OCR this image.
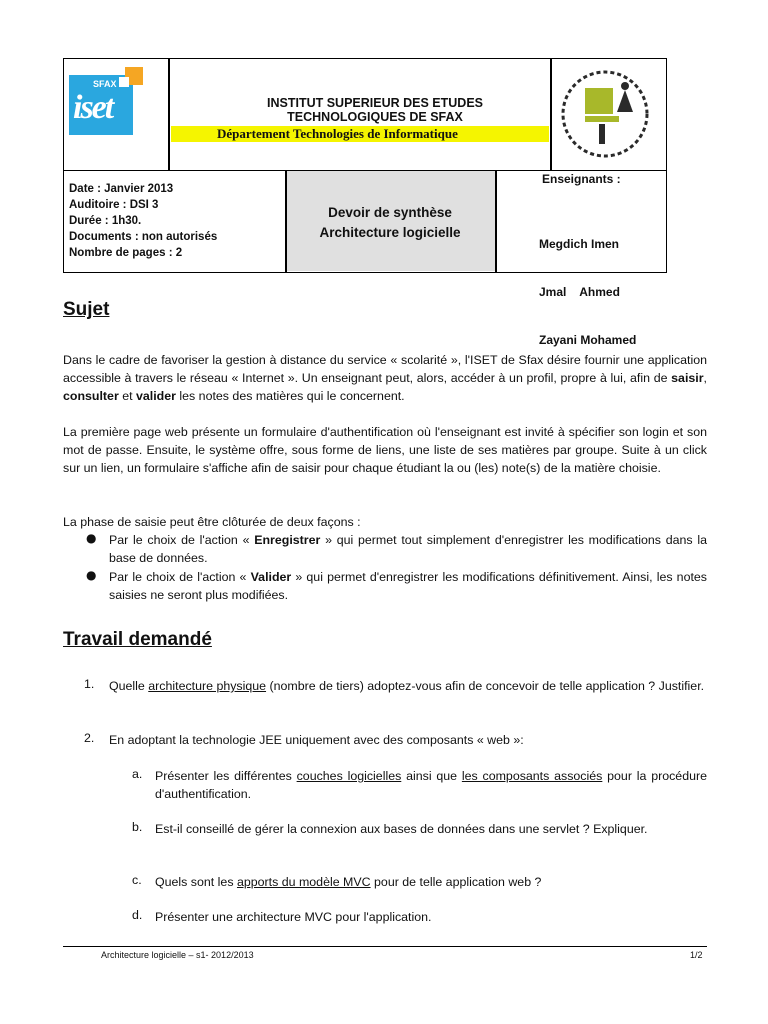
SFAX
iset	INSTITUT SUPERIEUR DES ETUDES
TECHNOLOGIQUES DE SFAX
Département Technologies de Informatique
Date : Janvier 2013
Auditoire : DSI 3
Durée : 1h30.
Documents : non autorisés
Nombre de pages : 2
Devoir de synthèse
Architecture logicielle
Enseignants :

Megdich Imen

Jmal    Ahmed

Zayani Mohamed

Sujet
Dans le cadre de favoriser la gestion à distance du service « scolarité », l'ISET de Sfax désire fournir une application accessible à travers le réseau « Internet ». Un enseignant peut, alors, accéder à un profil, propre à lui, afin de saisir, consulter et valider les notes des matières qui le concernent.
La première page web présente un formulaire d'authentification où l'enseignant est invité à spécifier son login et son mot de passe. Ensuite, le système offre, sous forme de liens, une liste de ses matières par groupe. Suite à un click sur un lien, un formulaire s'affiche afin de saisir pour chaque étudiant la ou (les) note(s) de la matière choisie.
La phase de saisie peut être clôturée de deux façons :
● Par le choix de l'action « Enregistrer » qui permet tout simplement d'enregistrer les modifications dans la base de données.
● Par le choix de l'action « Valider » qui permet d'enregistrer les modifications définitivement. Ainsi, les notes saisies ne seront plus modifiées.
Travail demandé
1. Quelle architecture physique (nombre de tiers) adoptez-vous afin de concevoir de telle application ? Justifier.
2. En adoptant la technologie JEE uniquement avec des composants « web »:
a. Présenter les différentes couches logicielles ainsi que les composants associés pour la procédure d'authentification.
b. Est-il conseillé de gérer la connexion aux bases de données dans une servlet ? Expliquer.
c. Quels sont les apports du modèle MVC pour de telle application web ?
d. Présenter une architecture MVC pour l'application.
Architecture logicielle – s1- 2012/2013	1/2
